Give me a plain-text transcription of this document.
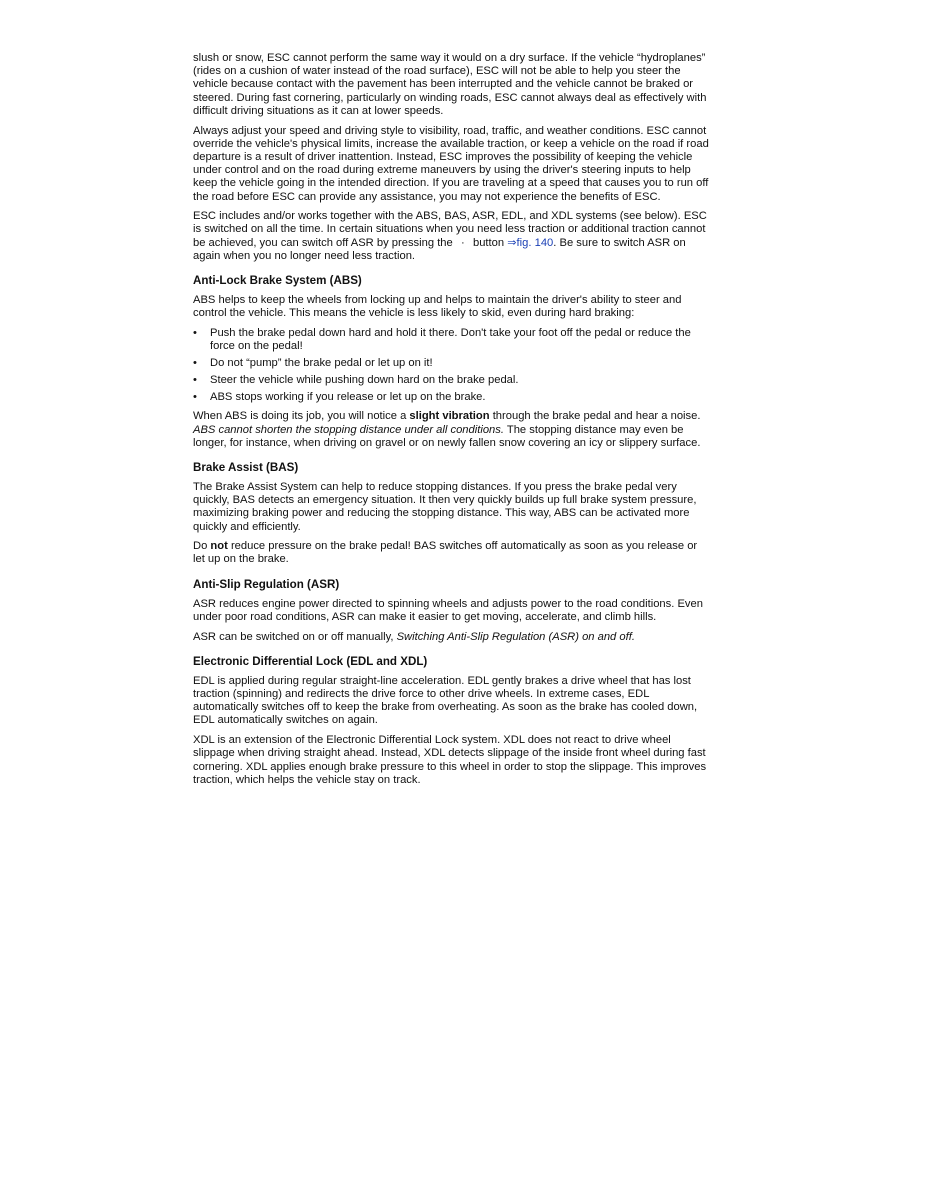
slush or snow, ESC cannot perform the same way it would on a dry surface. If the vehicle “hydroplanes” (rides on a cushion of water instead of the road surface), ESC will not be able to help you steer the vehicle because contact with the pavement has been interrupted and the vehicle cannot be braked or steered. During fast cornering, particularly on winding roads, ESC cannot always deal as effectively with difficult driving situations as it can at lower speeds.

Always adjust your speed and driving style to visibility, road, traffic, and weather conditions. ESC cannot override the vehicle's physical limits, increase the available traction, or keep a vehicle on the road if road departure is a result of driver inattention. Instead, ESC improves the possibility of keeping the vehicle under control and on the road during extreme maneuvers by using the driver's steering inputs to help keep the vehicle going in the intended direction. If you are traveling at a speed that causes you to run off the road before ESC can provide any assistance, you may not experience the benefits of ESC.

ESC includes and/or works together with the ABS, BAS, ASR, EDL, and XDL systems (see below). ESC is switched on all the time. In certain situations when you need less traction or additional traction cannot be achieved, you can switch off ASR by pressing the · button ⇒fig. 140. Be sure to switch ASR on again when you no longer need less traction.

Anti-Lock Brake System (ABS)

ABS helps to keep the wheels from locking up and helps to maintain the driver's ability to steer and control the vehicle. This means the vehicle is less likely to skid, even during hard braking:

• Push the brake pedal down hard and hold it there. Don't take your foot off the pedal or reduce the force on the pedal!
• Do not “pump” the brake pedal or let up on it!
• Steer the vehicle while pushing down hard on the brake pedal.
• ABS stops working if you release or let up on the brake.

When ABS is doing its job, you will notice a slight vibration through the brake pedal and hear a noise. ABS cannot shorten the stopping distance under all conditions. The stopping distance may even be longer, for instance, when driving on gravel or on newly fallen snow covering an icy or slippery surface.

Brake Assist (BAS)

The Brake Assist System can help to reduce stopping distances. If you press the brake pedal very quickly, BAS detects an emergency situation. It then very quickly builds up full brake system pressure, maximizing braking power and reducing the stopping distance. This way, ABS can be activated more quickly and efficiently.

Do not reduce pressure on the brake pedal! BAS switches off automatically as soon as you release or let up on the brake.

Anti-Slip Regulation (ASR)

ASR reduces engine power directed to spinning wheels and adjusts power to the road conditions. Even under poor road conditions, ASR can make it easier to get moving, accelerate, and climb hills.

ASR can be switched on or off manually, Switching Anti-Slip Regulation (ASR) on and off.

Electronic Differential Lock (EDL and XDL)

EDL is applied during regular straight-line acceleration. EDL gently brakes a drive wheel that has lost traction (spinning) and redirects the drive force to other drive wheels. In extreme cases, EDL automatically switches off to keep the brake from overheating. As soon as the brake has cooled down, EDL automatically switches on again.

XDL is an extension of the Electronic Differential Lock system. XDL does not react to drive wheel slippage when driving straight ahead. Instead, XDL detects slippage of the inside front wheel during fast cornering. XDL applies enough brake pressure to this wheel in order to stop the slippage. This improves traction, which helps the vehicle stay on track.
